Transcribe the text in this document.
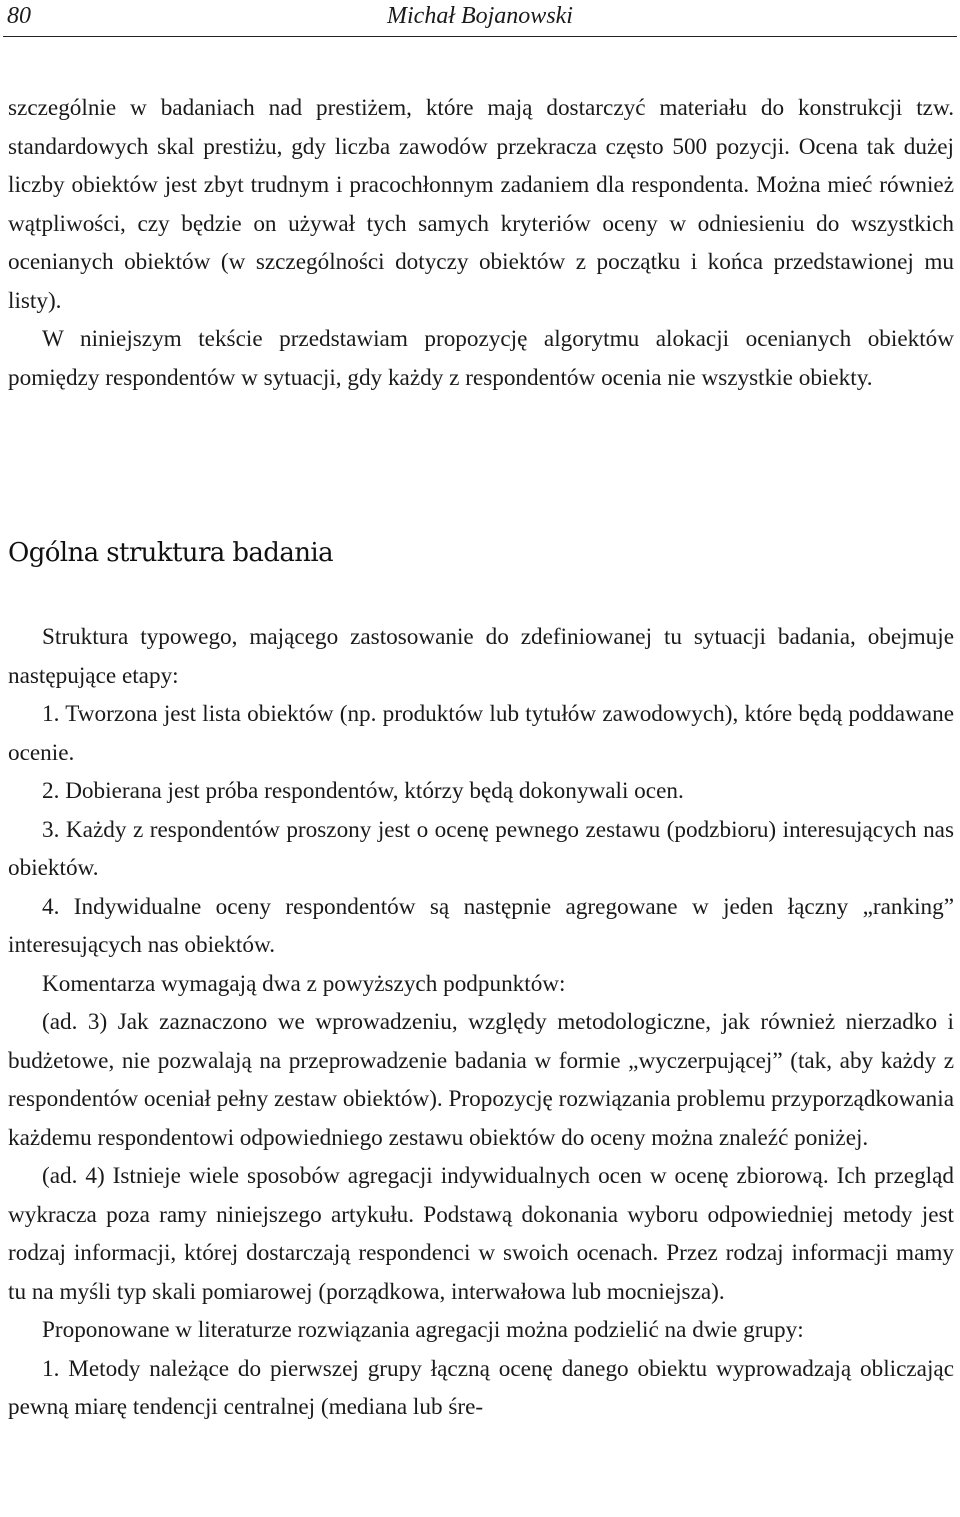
80	Michał Bojanowski

szczególnie w badaniach nad prestiżem, które mają dostarczyć materiału do konstrukcji tzw. standardowych skal prestiżu, gdy liczba zawodów przekracza często 500 pozycji. Ocena tak dużej liczby obiektów jest zbyt trudnym i pracochłonnym zadaniem dla respondenta. Można mieć również wątpliwości, czy będzie on używał tych samych kryteriów oceny w odniesieniu do wszystkich ocenianych obiektów (w szczególności dotyczy obiektów z początku i końca przedstawionej mu listy).

W niniejszym tekście przedstawiam propozycję algorytmu alokacji ocenianych obiektów pomiędzy respondentów w sytuacji, gdy każdy z respondentów ocenia nie wszystkie obiekty.

Ogólna struktura badania

Struktura typowego, mającego zastosowanie do zdefiniowanej tu sytuacji badania, obejmuje następujące etapy:

1. Tworzona jest lista obiektów (np. produktów lub tytułów zawodowych), które będą poddawane ocenie.

2. Dobierana jest próba respondentów, którzy będą dokonywali ocen.

3. Każdy z respondentów proszony jest o ocenę pewnego zestawu (podzbioru) interesujących nas obiektów.

4. Indywidualne oceny respondentów są następnie agregowane w jeden łączny „ranking” interesujących nas obiektów.

Komentarza wymagają dwa z powyższych podpunktów:

(ad. 3) Jak zaznaczono we wprowadzeniu, względy metodologiczne, jak również nierzadko i budżetowe, nie pozwalają na przeprowadzenie badania w formie „wyczerpującej” (tak, aby każdy z respondentów oceniał pełny zestaw obiektów). Propozycję rozwiązania problemu przyporządkowania każdemu respondentowi odpowiedniego zestawu obiektów do oceny można znaleźć poniżej.

(ad. 4) Istnieje wiele sposobów agregacji indywidualnych ocen w ocenę zbiorową. Ich przegląd wykracza poza ramy niniejszego artykułu. Podstawą dokonania wyboru odpowiedniej metody jest rodzaj informacji, której dostarczają respondenci w swoich ocenach. Przez rodzaj informacji mamy tu na myśli typ skali pomiarowej (porządkowa, interwałowa lub mocniejsza).

Proponowane w literaturze rozwiązania agregacji można podzielić na dwie grupy:

1. Metody należące do pierwszej grupy łączną ocenę danego obiektu wyprowadzają obliczając pewną miarę tendencji centralnej (mediana lub śre-
